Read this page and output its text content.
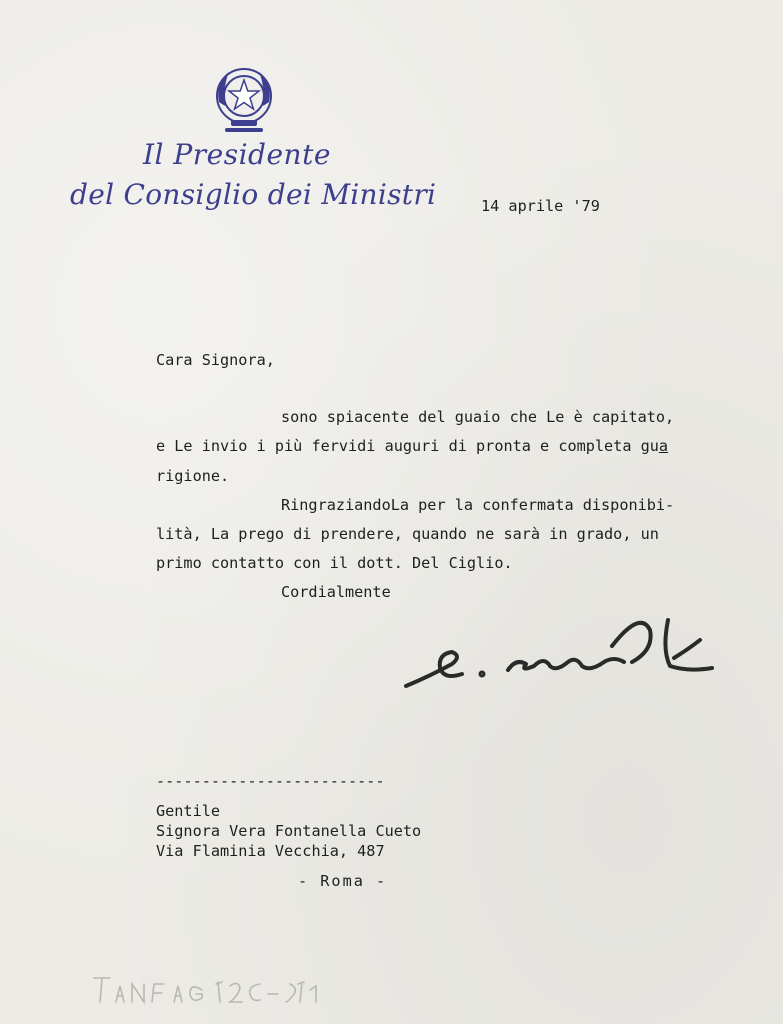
Il Presidente
del Consiglio dei Ministri	14 aprile '79
Cara Signora,
sono spiacente del guaio che Le è capitato,
e Le invio i più fervidi auguri di pronta e completa gua
rigione.
RingraziandoLa per la confermata disponibi-
lità, La prego di prendere, quando ne sarà in grado, un
primo contatto con il dott. Del Ciglio.
Cordialmente
-------------------------
Gentile
Signora Vera Fontanella Cueto
Via Flaminia Vecchia, 487
- Roma -
